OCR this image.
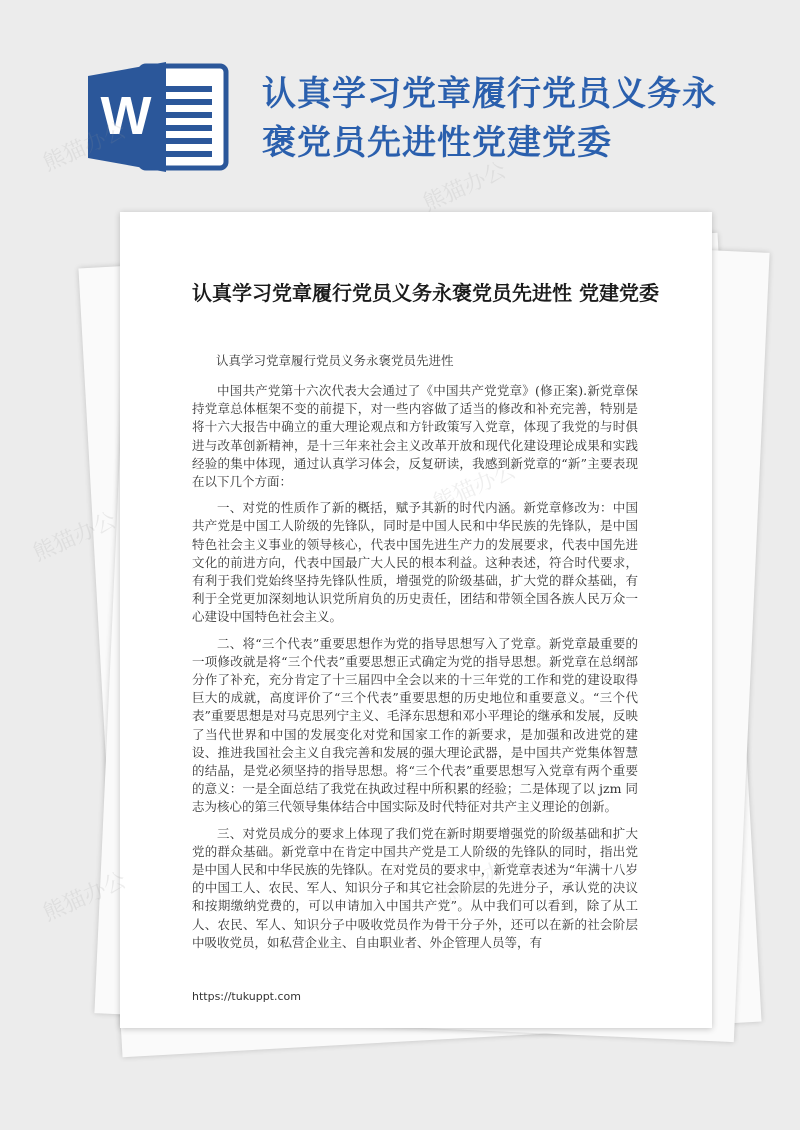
W	认真学习党章履行党员义务永褒党员先进性党建党委
认真学习党章履行党员义务永褒党员先进性 党建党委
认真学习党章履行党员义务永褒党员先进性

中国共产党第十六次代表大会通过了《中国共产党党章》(修正案).新党章保持党章总体框架不变的前提下，对一些内容做了适当的修改和补充完善，特别是将十六大报告中确立的重大理论观点和方针政策写入党章，体现了我党的与时俱进与改革创新精神，是十三年来社会主义改革开放和现代化建设理论成果和实践经验的集中体现，通过认真学习体会，反复研读，我感到新党章的“新”主要表现在以下几个方面：

一、对党的性质作了新的概括，赋予其新的时代内涵。新党章修改为：中国共产党是中国工人阶级的先锋队，同时是中国人民和中华民族的先锋队，是中国特色社会主义事业的领导核心，代表中国先进生产力的发展要求，代表中国先进文化的前进方向，代表中国最广大人民的根本利益。这种表述，符合时代要求，有利于我们党始终坚持先锋队性质，增强党的阶级基础，扩大党的群众基础，有利于全党更加深刻地认识党所肩负的历史责任，团结和带领全国各族人民万众一心建设中国特色社会主义。

二、将“三个代表”重要思想作为党的指导思想写入了党章。新党章最重要的一项修改就是将“三个代表”重要思想正式确定为党的指导思想。新党章在总纲部分作了补充，充分肯定了十三届四中全会以来的十三年党的工作和党的建设取得巨大的成就，高度评价了“三个代表”重要思想的历史地位和重要意义。“三个代表”重要思想是对马克思列宁主义、毛泽东思想和邓小平理论的继承和发展，反映了当代世界和中国的发展变化对党和国家工作的新要求，是加强和改进党的建设、推进我国社会主义自我完善和发展的强大理论武器，是中国共产党集体智慧的结晶，是党必须坚持的指导思想。将“三个代表”重要思想写入党章有两个重要的意义：一是全面总结了我党在执政过程中所积累的经验；二是体现了以 jzm 同志为核心的第三代领导集体结合中国实际及时代特征对共产主义理论的创新。

三、对党员成分的要求上体现了我们党在新时期要增强党的阶级基础和扩大党的群众基础。新党章中在肯定中国共产党是工人阶级的先锋队的同时，指出党是中国人民和中华民族的先锋队。在对党员的要求中，新党章表述为“年满十八岁的中国工人、农民、军人、知识分子和其它社会阶层的先进分子，承认党的决议和按期缴纳党费的，可以申请加入中国共产党”。从中我们可以看到，除了从工人、农民、军人、知识分子中吸收党员作为骨干分子外，还可以在新的社会阶层中吸收党员，如私营企业主、自由职业者、外企管理人员等，有

https://tukuppt.com
熊猫办公
熊猫办公
熊猫办公
熊猫办公
